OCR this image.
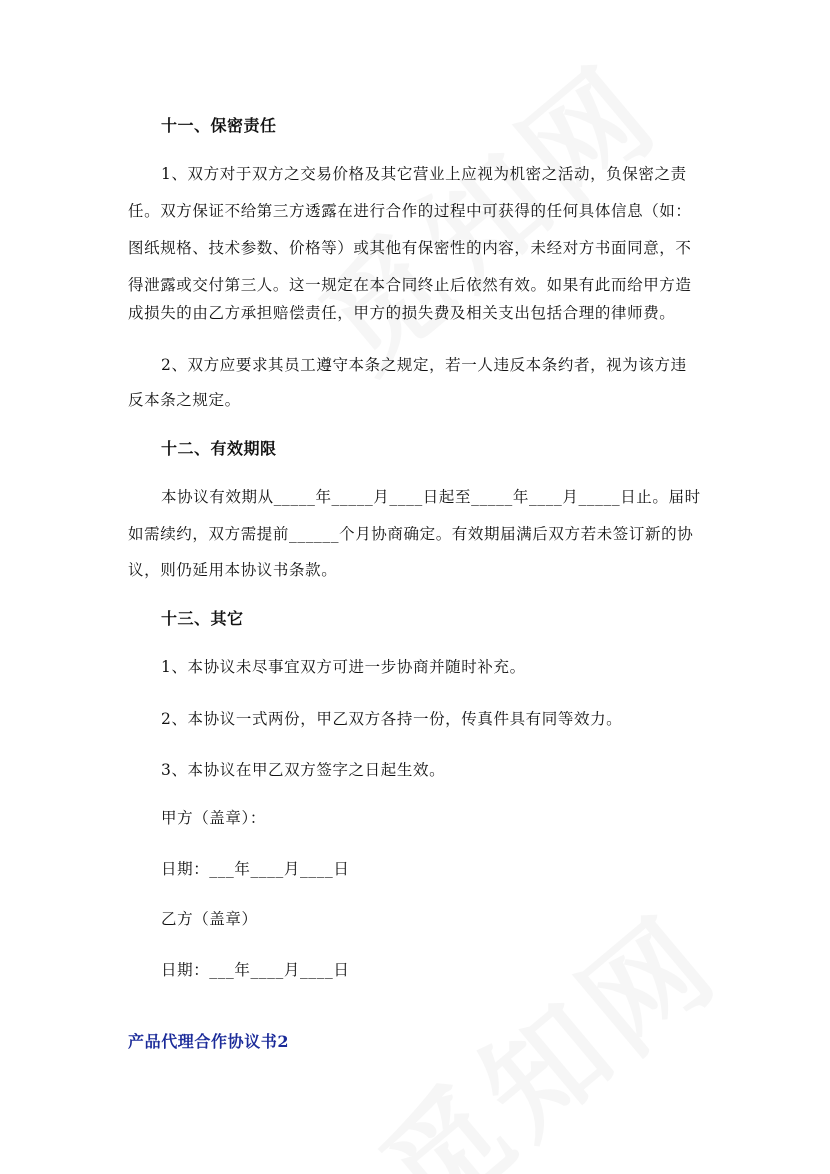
十一、保密责任
1、双方对于双方之交易价格及其它营业上应视为机密之活动，负保密之责
任。双方保证不给第三方透露在进行合作的过程中可获得的任何具体信息（如：
图纸规格、技术参数、价格等）或其他有保密性的内容，未经对方书面同意，不
得泄露或交付第三人。这一规定在本合同终止后依然有效。如果有此而给甲方造
成损失的由乙方承担赔偿责任，甲方的损失费及相关支出包括合理的律师费。
2、双方应要求其员工遵守本条之规定，若一人违反本条约者，视为该方违
反本条之规定。
十二、有效期限
本协议有效期从_____年_____月____日起至_____年____月_____日止。届时
如需续约，双方需提前______个月协商确定。有效期届满后双方若未签订新的协
议，则仍延用本协议书条款。
十三、其它
1、本协议未尽事宜双方可进一步协商并随时补充。
2、本协议一式两份，甲乙双方各持一份，传真件具有同等效力。
3、本协议在甲乙双方签字之日起生效。
甲方（盖章）：
日期：___年____月____日
乙方（盖章）
日期：___年____月____日
产品代理合作协议书2
